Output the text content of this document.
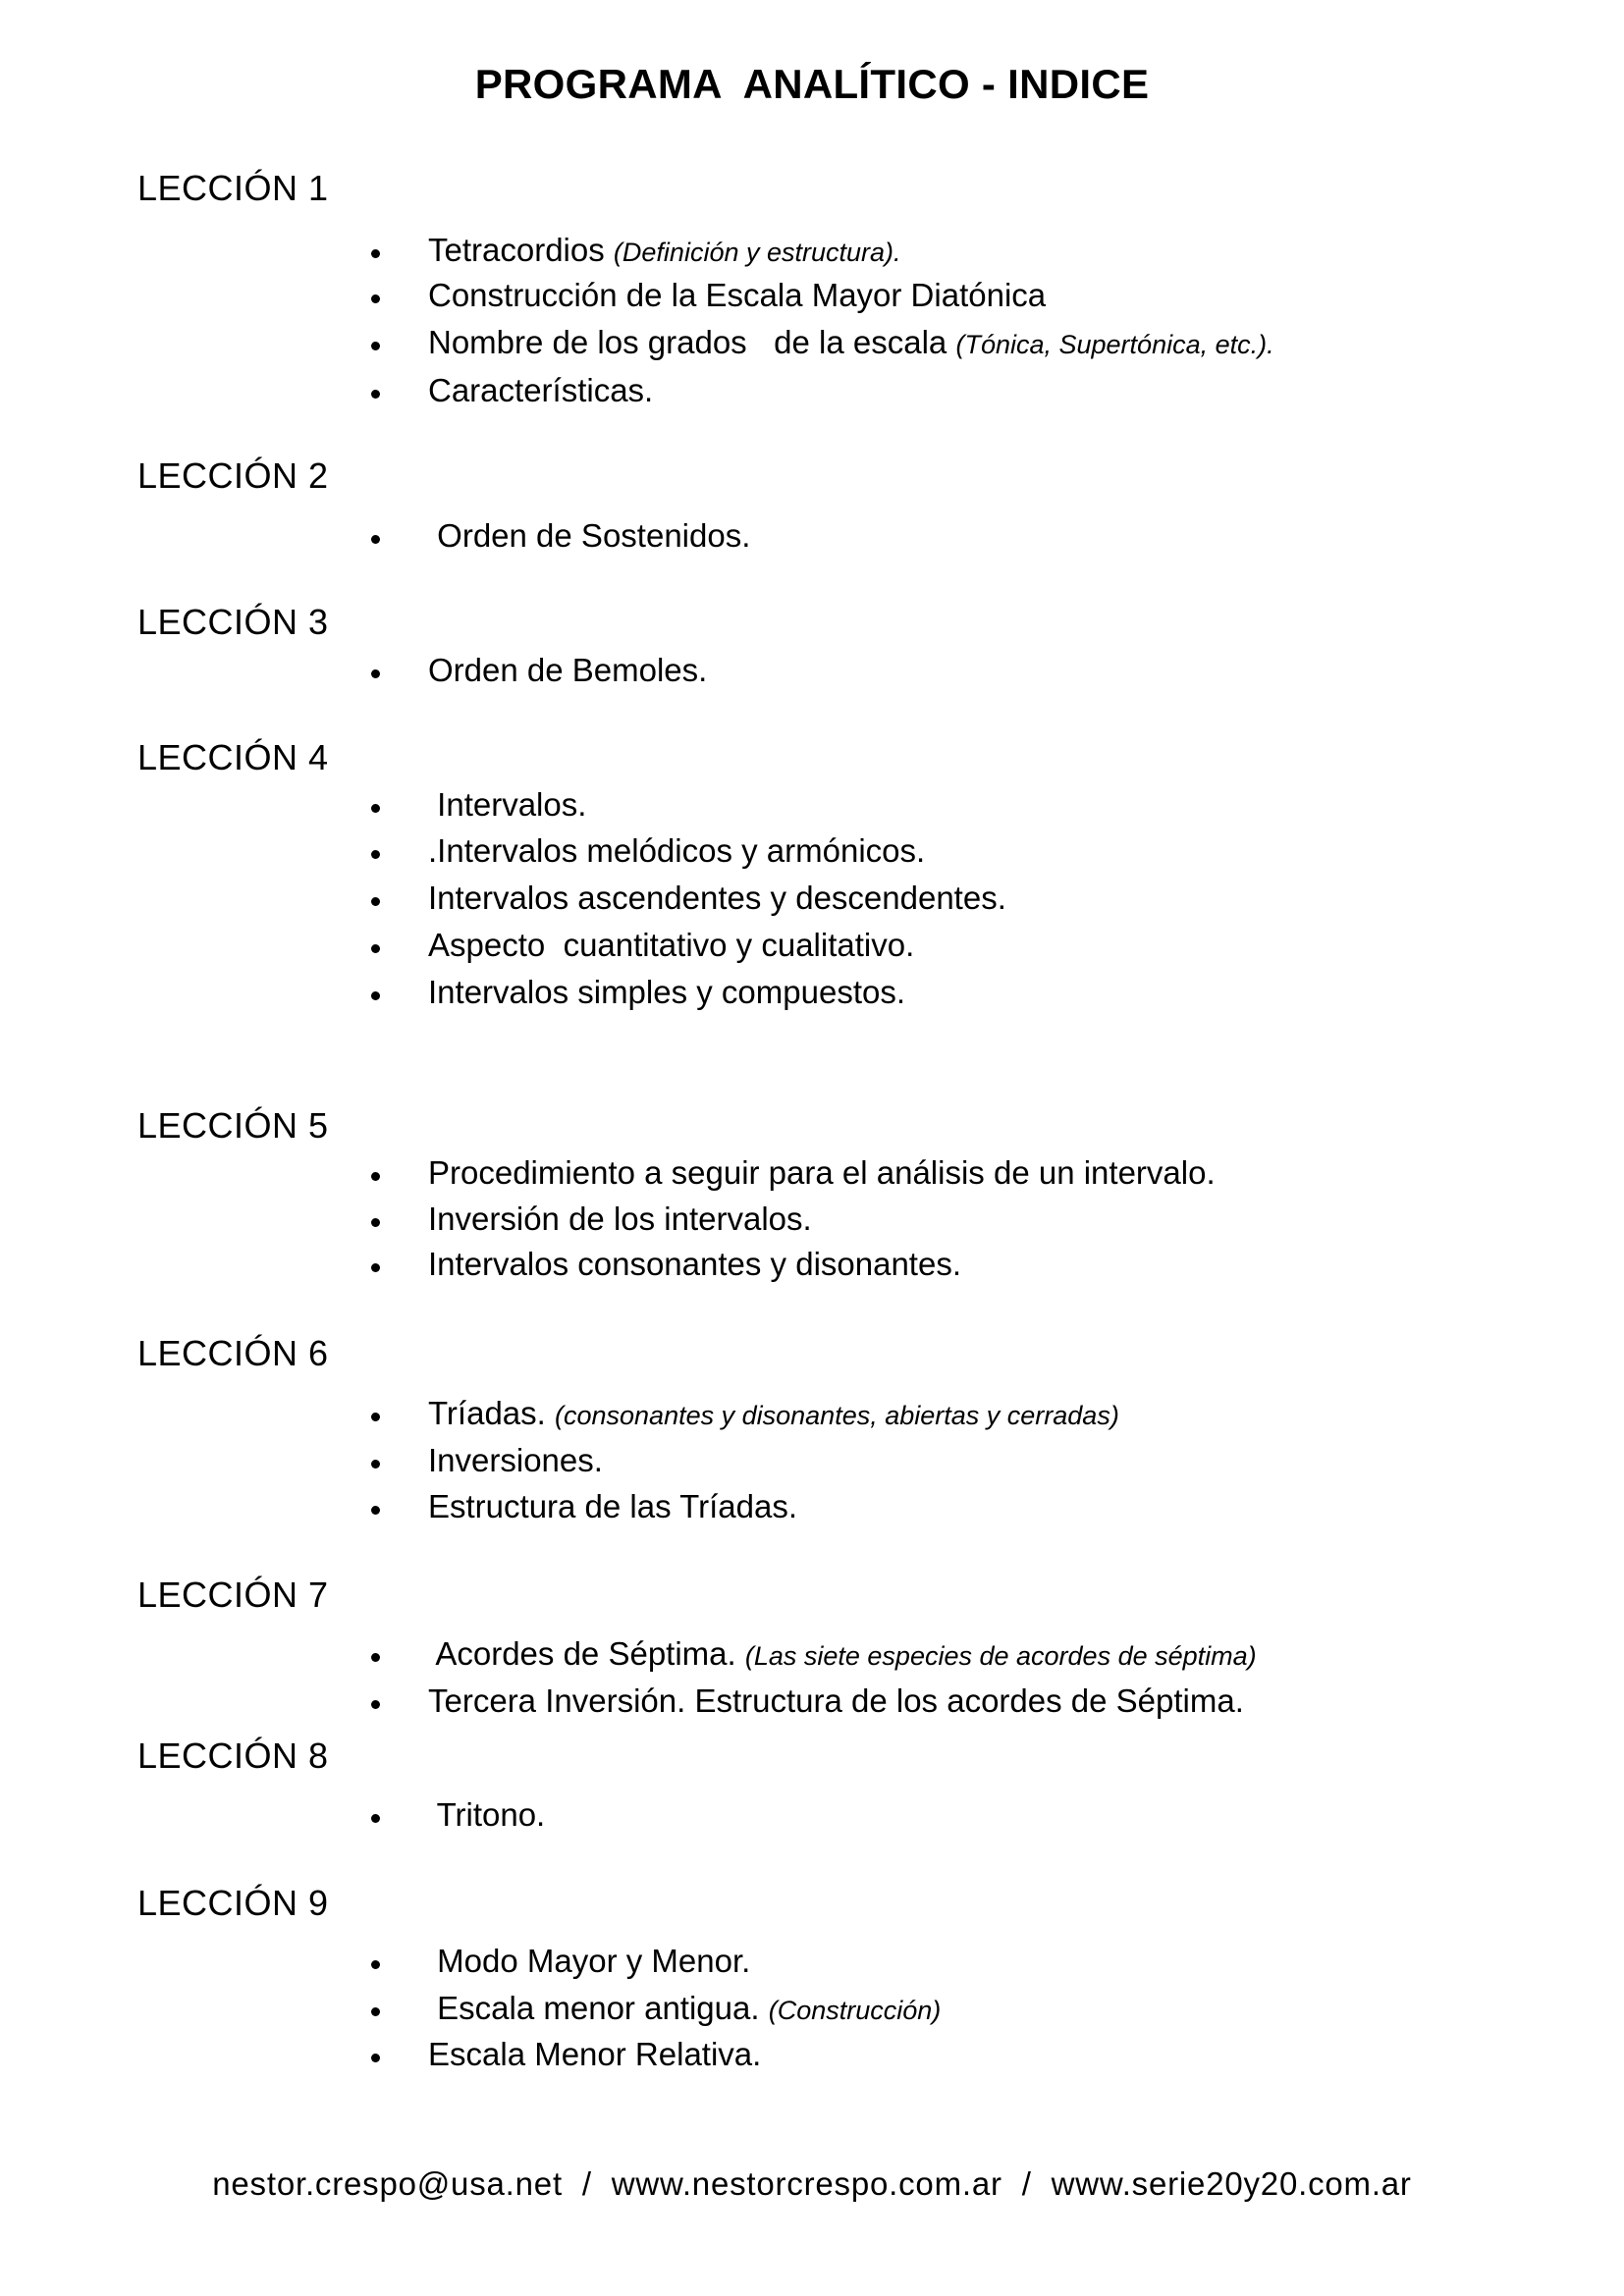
PROGRAMA  ANALÍTICO - INDICE
LECCIÓN 1
Tetracordios (Definición y estructura).
Construcción de la Escala Mayor Diatónica
Nombre de los grados   de la escala (Tónica, Supertónica, etc.).
Características.
LECCIÓN 2
Orden de Sostenidos.
LECCIÓN 3
Orden de Bemoles.
LECCIÓN 4
Intervalos.
.Intervalos melódicos y armónicos.
Intervalos ascendentes y descendentes.
Aspecto  cuantitativo y cualitativo.
Intervalos simples y compuestos.
LECCIÓN 5
Procedimiento a seguir para el análisis de un intervalo.
Inversión de los intervalos.
Intervalos consonantes y disonantes.
LECCIÓN 6
Tríadas. (consonantes y disonantes, abiertas y cerradas)
Inversiones.
Estructura de las Tríadas.
LECCIÓN 7
Acordes de Séptima. (Las siete especies de acordes de séptima)
Tercera Inversión. Estructura de los acordes de Séptima.
LECCIÓN 8
Tritono.
LECCIÓN 9
Modo Mayor y Menor.
Escala menor antigua. (Construcción)
Escala Menor Relativa.
nestor.crespo@usa.net  /  www.nestorcrespo.com.ar  /  www.serie20y20.com.ar
